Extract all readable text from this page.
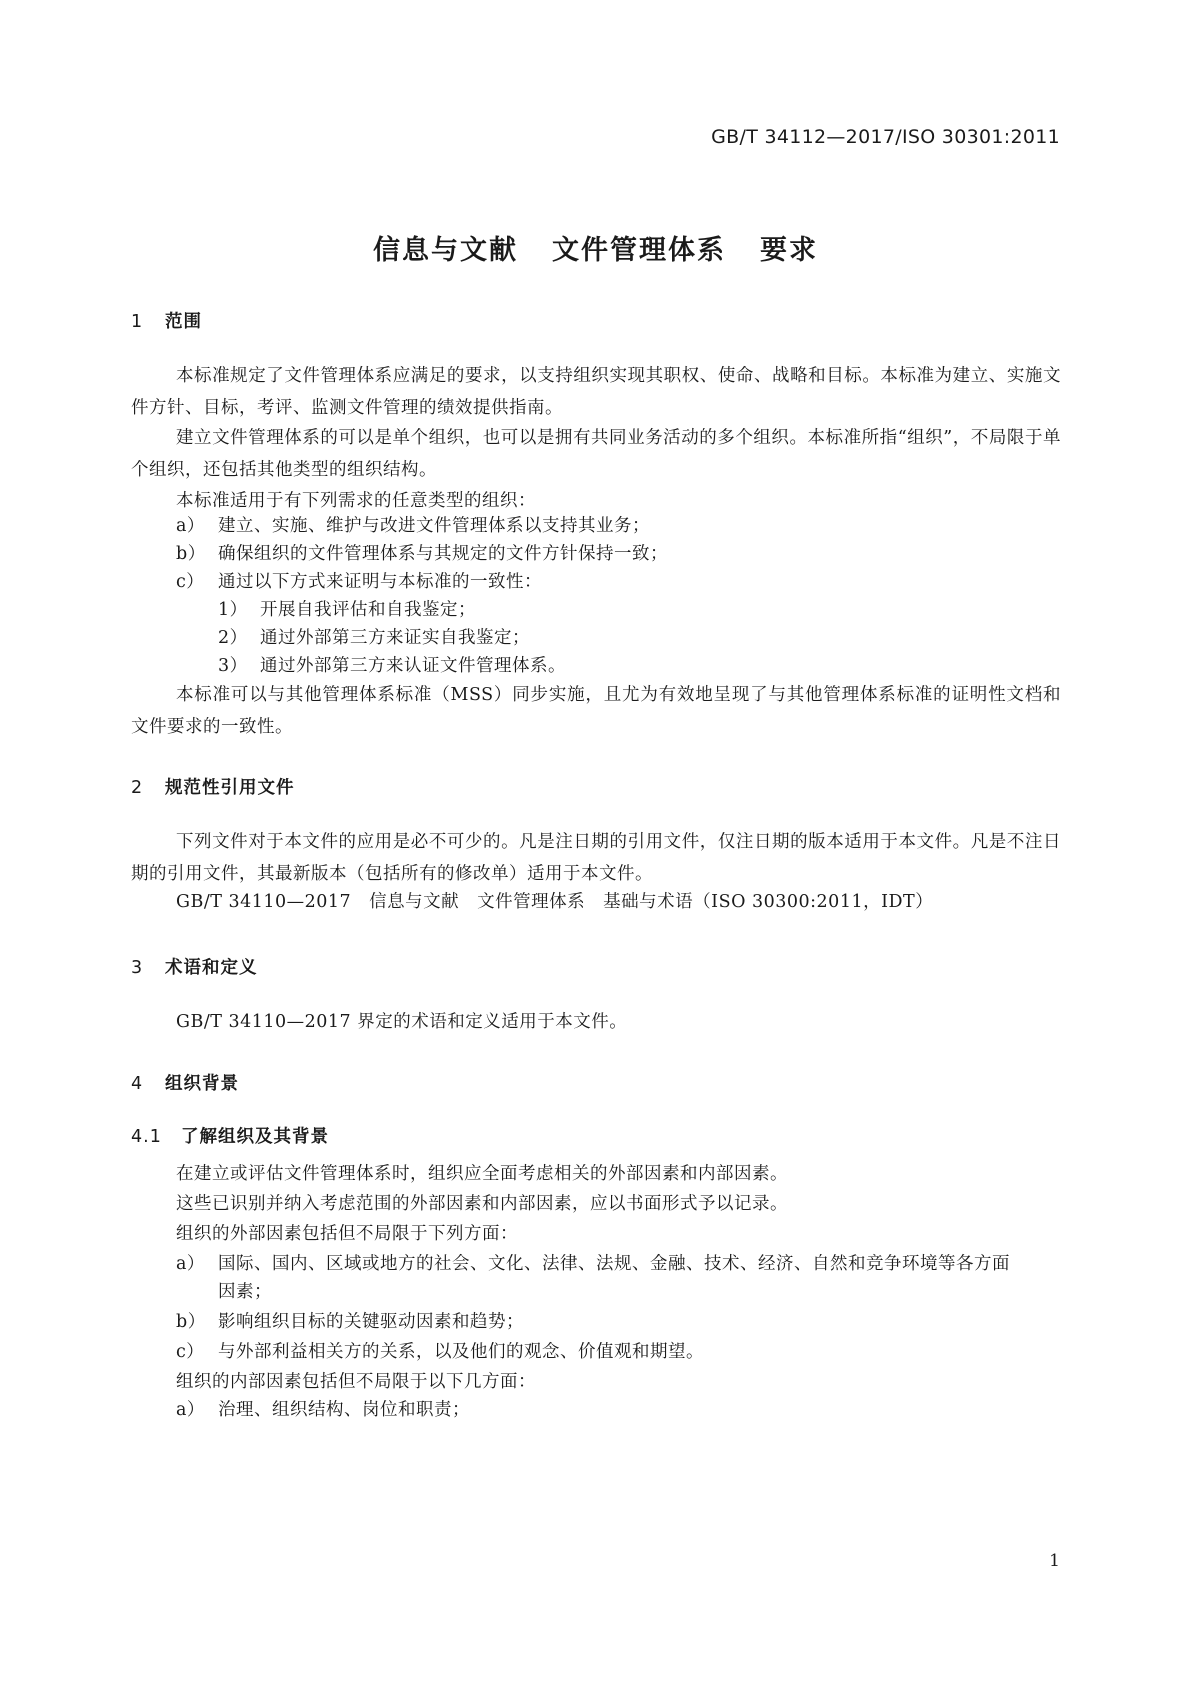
GB/T 34112—2017/ISO 30301:2011
信息与文献 文件管理体系 要求
1 范围
本标准规定了文件管理体系应满足的要求，以支持组织实现其职权、使命、战略和目标。本标准为建立、实施文件方针、目标，考评、监测文件管理的绩效提供指南。
建立文件管理体系的可以是单个组织，也可以是拥有共同业务活动的多个组织。本标准所指“组织”，不局限于单个组织，还包括其他类型的组织结构。
本标准适用于有下列需求的任意类型的组织：
a） 建立、实施、维护与改进文件管理体系以支持其业务；
b） 确保组织的文件管理体系与其规定的文件方针保持一致；
c） 通过以下方式来证明与本标准的一致性：
1） 开展自我评估和自我鉴定；
2） 通过外部第三方来证实自我鉴定；
3） 通过外部第三方来认证文件管理体系。
本标准可以与其他管理体系标准（MSS）同步实施，且尤为有效地呈现了与其他管理体系标准的证明性文档和文件要求的一致性。
2 规范性引用文件
下列文件对于本文件的应用是必不可少的。凡是注日期的引用文件，仅注日期的版本适用于本文件。凡是不注日期的引用文件，其最新版本（包括所有的修改单）适用于本文件。
GB/T 34110—2017　信息与文献　文件管理体系　基础与术语（ISO 30300:2011，IDT）
3 术语和定义
GB/T 34110—2017 界定的术语和定义适用于本文件。
4 组织背景
4.1 了解组织及其背景
在建立或评估文件管理体系时，组织应全面考虑相关的外部因素和内部因素。
这些已识别并纳入考虑范围的外部因素和内部因素，应以书面形式予以记录。
组织的外部因素包括但不局限于下列方面：
a） 国际、国内、区域或地方的社会、文化、法律、法规、金融、技术、经济、自然和竞争环境等各方面
因素；
b） 影响组织目标的关键驱动因素和趋势；
c） 与外部利益相关方的关系，以及他们的观念、价值观和期望。
组织的内部因素包括但不局限于以下几方面：
a） 治理、组织结构、岗位和职责；
1
